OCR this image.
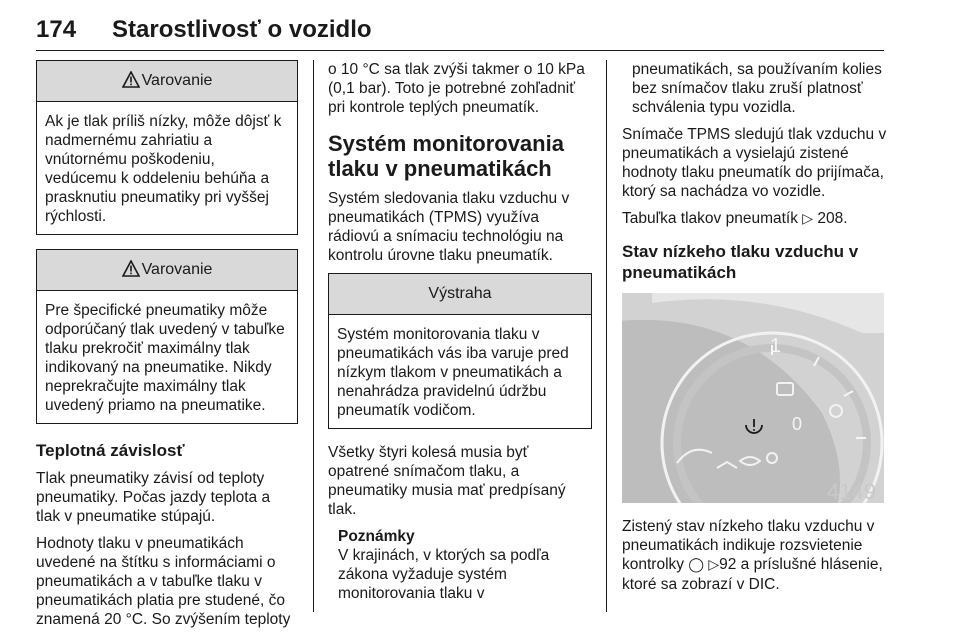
174 Starostlivosť o vozidlo
Varovanie
Ak je tlak príliš nízky, môže dôjsť k nadmernému zahriatiu a vnútornému poškodeniu, vedúcemu k oddeleniu behúňa a prasknutiu pneumatiky pri vyššej rýchlosti.
Varovanie
Pre špecifické pneumatiky môže odporúčaný tlak uvedený v tabuľke tlaku prekročiť maximálny tlak indikovaný na pneumatike. Nikdy neprekračujte maximálny tlak uvedený priamo na pneumatike.
Teplotná závislosť

Tlak pneumatiky závisí od teploty pneumatiky. Počas jazdy teplota a tlak v pneumatike stúpajú.

Hodnoty tlaku v pneumatikách uvedené na štítku s informáciami o pneumatikách a v tabuľke tlaku v pneumatikách platia pre studené, čo znamená 20 °C. So zvýšením teploty

o 10 °C sa tlak zvýši takmer o 10 kPa (0,1 bar). Toto je potrebné zohľadniť pri kontrole teplých pneumatík.

Systém monitorovania tlaku v pneumatikách

Systém sledovania tlaku vzduchu v pneumatikách (TPMS) využíva rádiovú a snímaciu technológiu na kontrolu úrovne tlaku pneumatík.

Výstraha
Systém monitorovania tlaku v pneumatikách vás iba varuje pred nízkym tlakom v pneumatikách a nenahrádza pravidelnú údržbu pneumatík vodičom.

Všetky štyri kolesá musia byť opatrené snímačom tlaku, a pneumatiky musia mať predpísaný tlak.

Poznámky
V krajinách, v ktorých sa podľa zákona vyžaduje systém monitorovania tlaku v

pneumatikách, sa používaním kolies bez snímačov tlaku zruší platnosť schválenia typu vozidla.

Snímače TPMS sledujú tlak vzduchu v pneumatikách a vysielajú zistené hodnoty tlaku pneumatík do prijímača, ktorý sa nachádza vo vozidle.

Tabuľka tlakov pneumatík ▷ 208.

Stav nízkeho tlaku vzduchu v pneumatikách
1
0
4149

Zistený stav nízkeho tlaku vzduchu v pneumatikách indikuje rozsvietenie kontrolky ◯ ▷92 a príslušné hlásenie, ktoré sa zobrazí v DIC.
